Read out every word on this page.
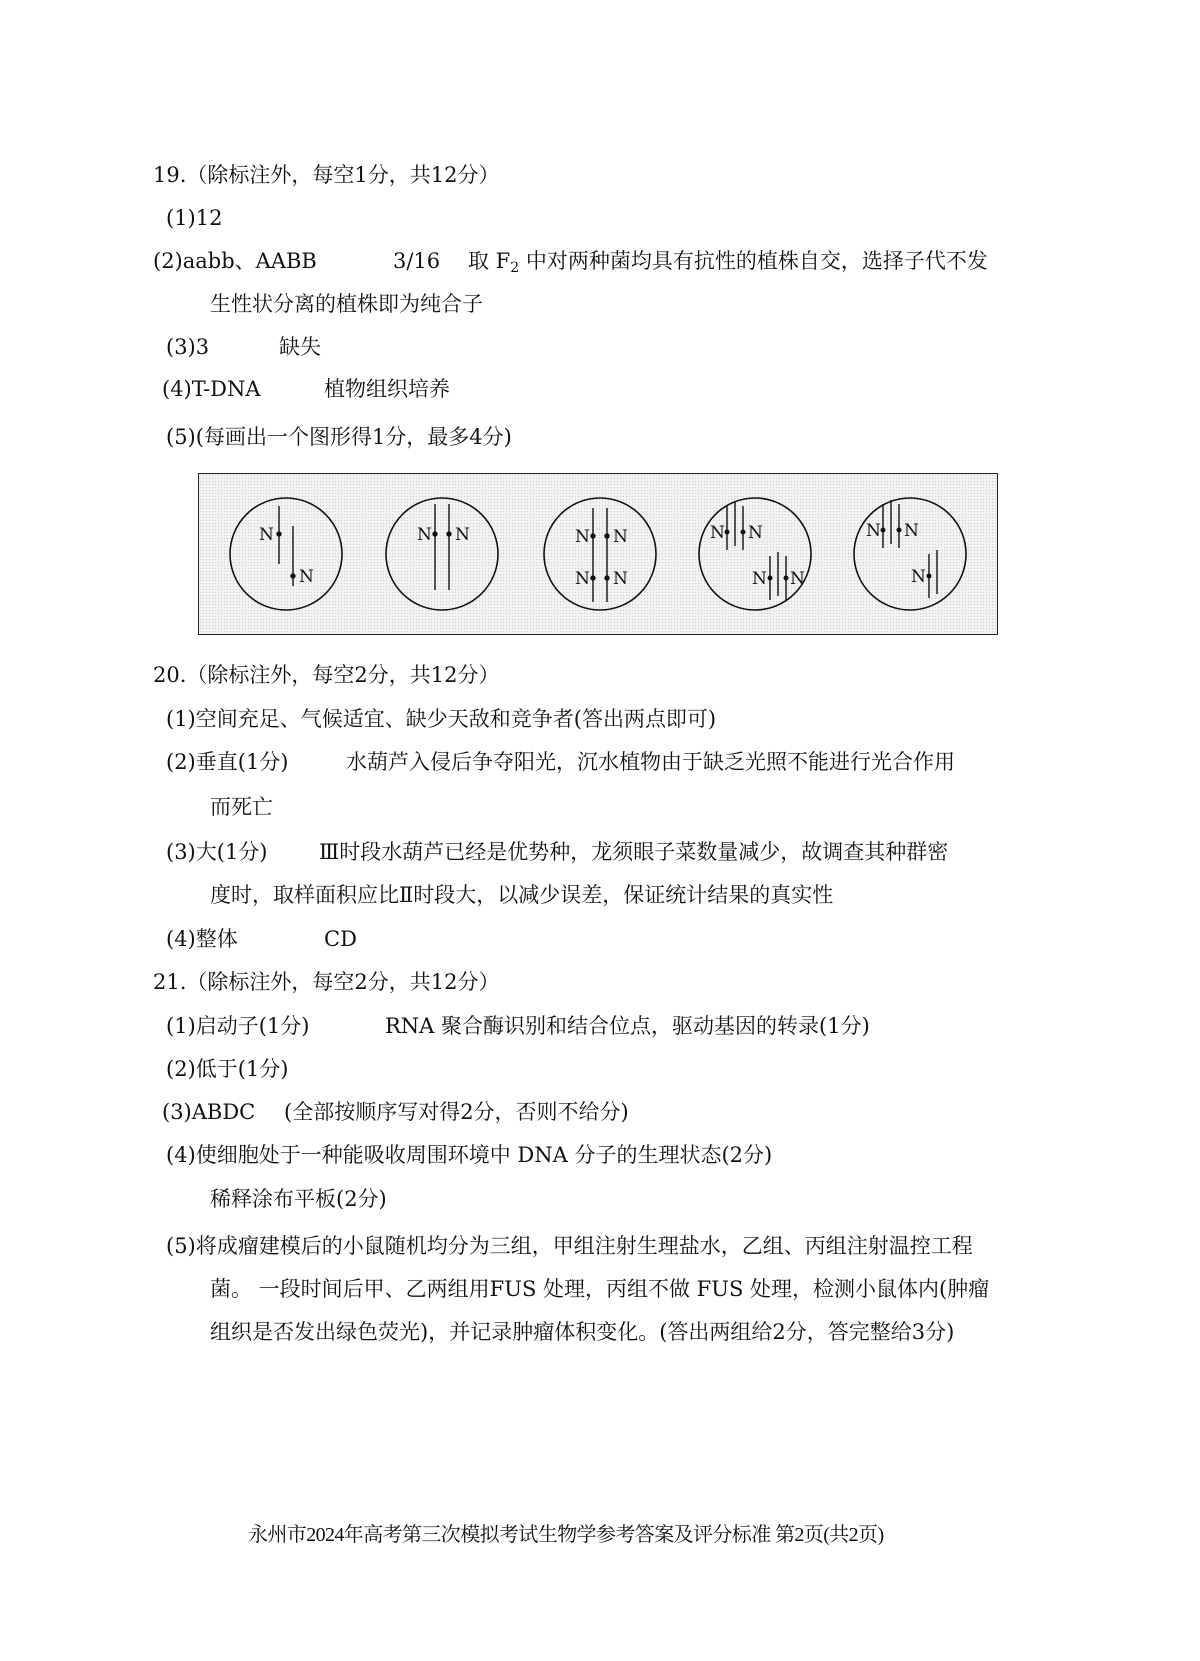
19.（除标注外，每空1分，共12分）
(1)12
(2)aabb、AABB	3/16 取 $F_2$ 中对两种菌均具有抗性的植株自交，选择子代不发
生性状分离的植株即为纯合子
(3)3	缺失
(4)T-DNA	植物组织培养
(5)(每画出一个图形得1分，最多4分)
N
N
N N	N N
N N
N N
N N
N N
N
20.（除标注外，每空2分，共12分）
(1)空间充足、气候适宜、缺少天敌和竞争者(答出两点即可)
(2)垂直(1分)	水葫芦入侵后争夺阳光，沉水植物由于缺乏光照不能进行光合作用
而死亡
(3)大(1分) Ⅲ时段水葫芦已经是优势种，龙须眼子菜数量减少，故调查其种群密
度时，取样面积应比Ⅱ时段大，以减少误差，保证统计结果的真实性
(4)整体	CD
21.（除标注外，每空2分，共12分）
(1)启动子(1分)	RNA 聚合酶识别和结合位点，驱动基因的转录(1分)
(2)低于(1分)
(3)ABDC (全部按顺序写对得2分，否则不给分)
(4)使细胞处于一种能吸收周围环境中 DNA 分子的生理状态(2分)
稀释涂布平板(2分)
(5)将成瘤建模后的小鼠随机均分为三组，甲组注射生理盐水，乙组、丙组注射温控工程
菌。 一段时间后甲、乙两组用FUS 处理，丙组不做 FUS 处理，检测小鼠体内(肿瘤
组织是否发出绿色荧光)，并记录肿瘤体积变化。(答出两组给2分，答完整给3分)
永州市2024年高考第三次模拟考试生物学参考答案及评分标准 第2页(共2页)
